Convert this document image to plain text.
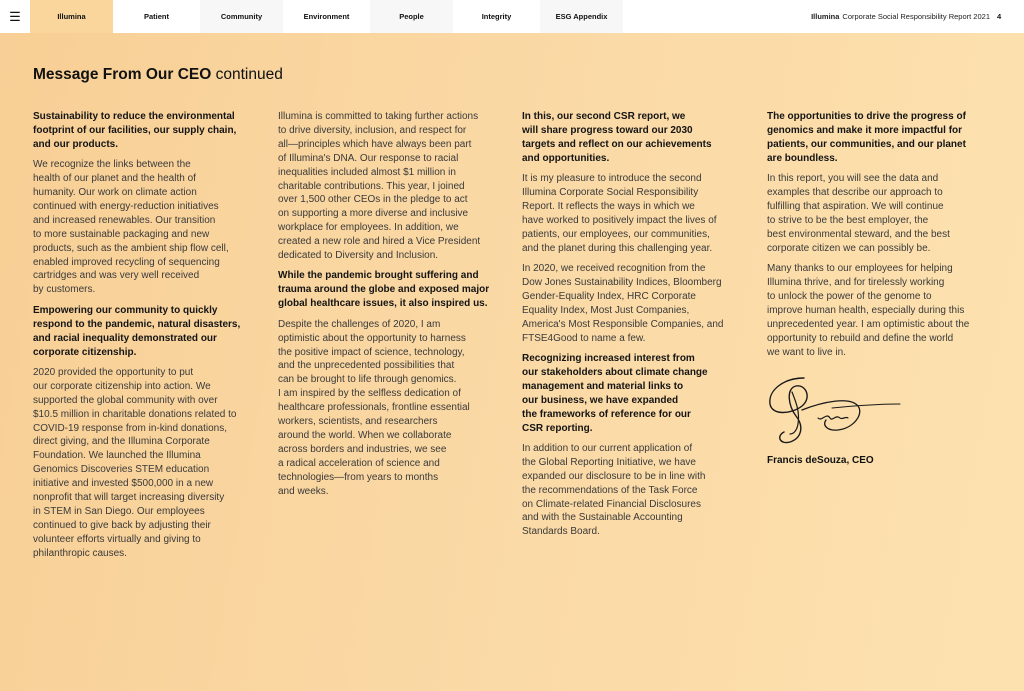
☰	Illumina	Patient	Community	Environment	People	Integrity	ESG Appendix	Illumina Corporate Social Responsibility Report 2021 4
Message From Our CEO continued

Sustainability to reduce the environmental
footprint of our facilities, our supply chain,
and our products.

We recognize the links between the
health of our planet and the health of
humanity. Our work on climate action
continued with energy-reduction initiatives
and increased renewables. Our transition
to more sustainable packaging and new
products, such as the ambient ship flow cell,
enabled improved recycling of sequencing
cartridges and was very well received
by customers.

Empowering our community to quickly
respond to the pandemic, natural disasters,
and racial inequality demonstrated our
corporate citizenship.

2020 provided the opportunity to put
our corporate citizenship into action. We
supported the global community with over
$10.5 million in charitable donations related to
COVID-19 response from in-kind donations,
direct giving, and the Illumina Corporate
Foundation. We launched the Illumina
Genomics Discoveries STEM education
initiative and invested $500,000 in a new
nonprofit that will target increasing diversity
in STEM in San Diego. Our employees
continued to give back by adjusting their
volunteer efforts virtually and giving to
philanthropic causes.

Illumina is committed to taking further actions
to drive diversity, inclusion, and respect for
all—principles which have always been part
of Illumina's DNA. Our response to racial
inequalities included almost $1 million in
charitable contributions. This year, I joined
over 1,500 other CEOs in the pledge to act
on supporting a more diverse and inclusive
workplace for employees. In addition, we
created a new role and hired a Vice President
dedicated to Diversity and Inclusion.

While the pandemic brought suffering and
trauma around the globe and exposed major
global healthcare issues, it also inspired us.

Despite the challenges of 2020, I am
optimistic about the opportunity to harness
the positive impact of science, technology,
and the unprecedented possibilities that
can be brought to life through genomics.
I am inspired by the selfless dedication of
healthcare professionals, frontline essential
workers, scientists, and researchers
around the world. When we collaborate
across borders and industries, we see
a radical acceleration of science and
technologies—from years to months
and weeks.

In this, our second CSR report, we
will share progress toward our 2030
targets and reflect on our achievements
and opportunities.

It is my pleasure to introduce the second
Illumina Corporate Social Responsibility
Report. It reflects the ways in which we
have worked to positively impact the lives of
patients, our employees, our communities,
and the planet during this challenging year.

In 2020, we received recognition from the
Dow Jones Sustainability Indices, Bloomberg
Gender-Equality Index, HRC Corporate
Equality Index, Most Just Companies,
America's Most Responsible Companies, and
FTSE4Good to name a few.

Recognizing increased interest from
our stakeholders about climate change
management and material links to
our business, we have expanded
the frameworks of reference for our
CSR reporting.

In addition to our current application of
the Global Reporting Initiative, we have
expanded our disclosure to be in line with
the recommendations of the Task Force
on Climate-related Financial Disclosures
and with the Sustainable Accounting
Standards Board.

The opportunities to drive the progress of
genomics and make it more impactful for
patients, our communities, and our planet
are boundless.

In this report, you will see the data and
examples that describe our approach to
fulfilling that aspiration. We will continue
to strive to be the best employer, the
best environmental steward, and the best
corporate citizen we can possibly be.

Many thanks to our employees for helping
Illumina thrive, and for tirelessly working
to unlock the power of the genome to
improve human health, especially during this
unprecedented year. I am optimistic about the
opportunity to rebuild and define the world
we want to live in.

Francis deSouza, CEO
